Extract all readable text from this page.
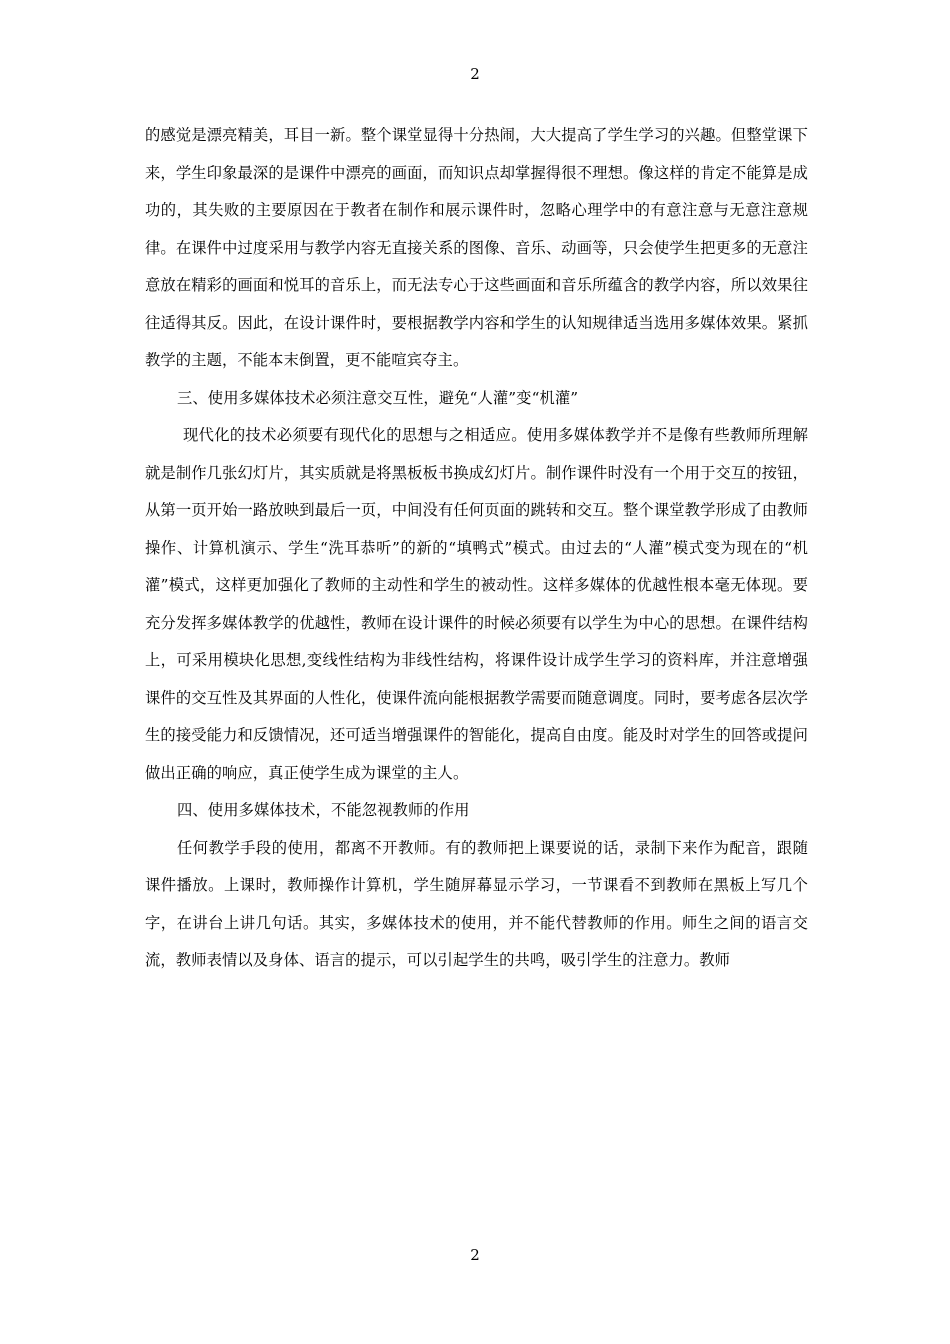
2

的感觉是漂亮精美，耳目一新。整个课堂显得十分热闹，大大提高了学生学习的兴趣。但整堂课下来，学生印象最深的是课件中漂亮的画面，而知识点却掌握得很不理想。像这样的肯定不能算是成功的，其失败的主要原因在于教者在制作和展示课件时，忽略心理学中的有意注意与无意注意规律。在课件中过度采用与教学内容无直接关系的图像、音乐、动画等，只会使学生把更多的无意注意放在精彩的画面和悦耳的音乐上，而无法专心于这些画面和音乐所蕴含的教学内容，所以效果往往适得其反。因此，在设计课件时，要根据教学内容和学生的认知规律适当选用多媒体效果。紧抓教学的主题，不能本末倒置，更不能喧宾夺主。

三、使用多媒体技术必须注意交互性，避免“人灌”变“机灌”

现代化的技术必须要有现代化的思想与之相适应。使用多媒体教学并不是像有些教师所理解就是制作几张幻灯片，其实质就是将黑板板书换成幻灯片。制作课件时没有一个用于交互的按钮，从第一页开始一路放映到最后一页，中间没有任何页面的跳转和交互。整个课堂教学形成了由教师操作、计算机演示、学生“洗耳恭听”的新的“填鸭式”模式。由过去的“人灌”模式变为现在的“机灌”模式，这样更加强化了教师的主动性和学生的被动性。这样多媒体的优越性根本毫无体现。要充分发挥多媒体教学的优越性，教师在设计课件的时候必须要有以学生为中心的思想。在课件结构上，可采用模块化思想,变线性结构为非线性结构，将课件设计成学生学习的资料库，并注意增强课件的交互性及其界面的人性化，使课件流向能根据教学需要而随意调度。同时，要考虑各层次学生的接受能力和反馈情况，还可适当增强课件的智能化，提高自由度。能及时对学生的回答或提问做出正确的响应，真正使学生成为课堂的主人。

四、使用多媒体技术，不能忽视教师的作用

任何教学手段的使用，都离不开教师。有的教师把上课要说的话，录制下来作为配音，跟随课件播放。上课时，教师操作计算机，学生随屏幕显示学习，一节课看不到教师在黑板上写几个字，在讲台上讲几句话。其实，多媒体技术的使用，并不能代替教师的作用。师生之间的语言交流，教师表情以及身体、语言的提示，可以引起学生的共鸣，吸引学生的注意力。教师

2
